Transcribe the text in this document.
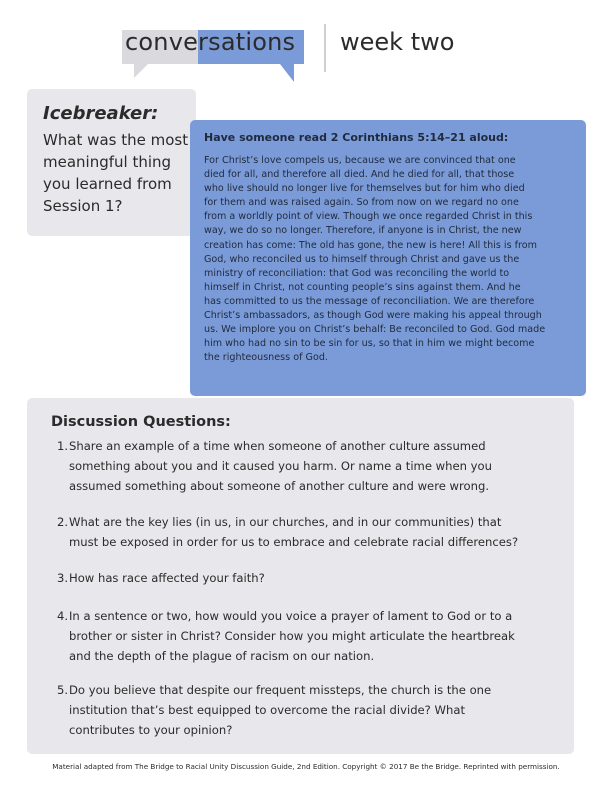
conversations week two
Icebreaker:
What was the most meaningful thing you learned from Session 1?
Have someone read 2 Corinthians 5:14–21 aloud:
For Christ’s love compels us, because we are convinced that one
died for all, and therefore all died. And he died for all, that those
who live should no longer live for themselves but for him who died
for them and was raised again. So from now on we regard no one
from a worldly point of view. Though we once regarded Christ in this
way, we do so no longer. Therefore, if anyone is in Christ, the new
creation has come: The old has gone, the new is here! All this is from
God, who reconciled us to himself through Christ and gave us the
ministry of reconciliation: that God was reconciling the world to
himself in Christ, not counting people’s sins against them. And he
has committed to us the message of reconciliation. We are therefore
Christ’s ambassadors, as though God were making his appeal through
us. We implore you on Christ’s behalf: Be reconciled to God. God made
him who had no sin to be sin for us, so that in him we might become
the righteousness of God.
Discussion Questions:
1. Share an example of a time when someone of another culture assumed
something about you and it caused you harm. Or name a time when you
assumed something about someone of another culture and were wrong.
2. What are the key lies (in us, in our churches, and in our communities) that
must be exposed in order for us to embrace and celebrate racial differences?
3. How has race affected your faith?
4. In a sentence or two, how would you voice a prayer of lament to God or to a
brother or sister in Christ? Consider how you might articulate the heartbreak
and the depth of the plague of racism on our nation.
5. Do you believe that despite our frequent missteps, the church is the one
institution that’s best equipped to overcome the racial divide? What
contributes to your opinion?
Material adapted from The Bridge to Racial Unity Discussion Guide, 2nd Edition. Copyright © 2017 Be the Bridge. Reprinted with permission.
